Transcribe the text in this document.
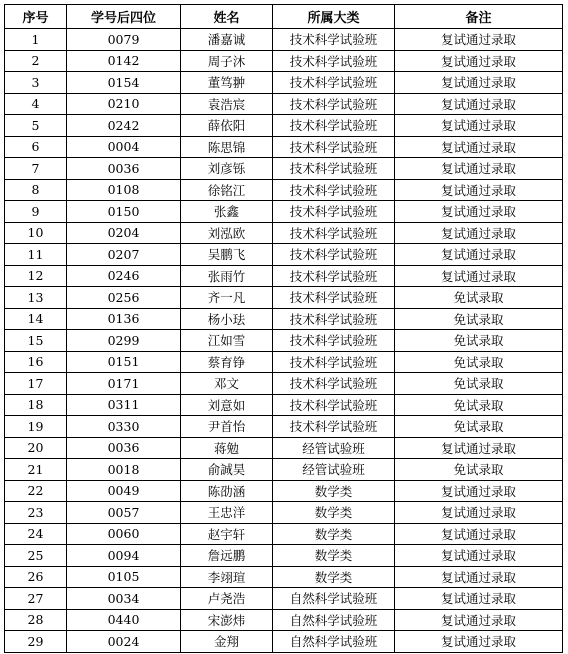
序号	学号后四位	姓名	所属大类	备注
1	0079	潘嘉诚	技术科学试验班	复试通过录取
2	0142	周子沐	技术科学试验班	复试通过录取
3	0154	董笃翀	技术科学试验班	复试通过录取
4	0210	袁浩宸	技术科学试验班	复试通过录取
5	0242	薛依阳	技术科学试验班	复试通过录取
6	0004	陈思锦	技术科学试验班	复试通过录取
7	0036	刘彦铄	技术科学试验班	复试通过录取
8	0108	徐铭江	技术科学试验班	复试通过录取
9	0150	张鑫	技术科学试验班	复试通过录取
10	0204	刘泓欧	技术科学试验班	复试通过录取
11	0207	吴鹏飞	技术科学试验班	复试通过录取
12	0246	张雨竹	技术科学试验班	复试通过录取
13	0256	齐一凡	技术科学试验班	免试录取
14	0136	杨小珐	技术科学试验班	免试录取
15	0299	江如雪	技术科学试验班	免试录取
16	0151	蔡育铮	技术科学试验班	免试录取
17	0171	邓文	技术科学试验班	免试录取
18	0311	刘意如	技术科学试验班	免试录取
19	0330	尹首怡	技术科学试验班	免试录取
20	0036	蒋勉	经管试验班	复试通过录取
21	0018	俞誠昊	经管试验班	免试录取
22	0049	陈劭涵	数学类	复试通过录取
23	0057	王忠洋	数学类	复试通过录取
24	0060	赵宇轩	数学类	复试通过录取
25	0094	詹远鹏	数学类	复试通过录取
26	0105	李翊瑄	数学类	复试通过录取
27	0034	卢尧浩	自然科学试验班	复试通过录取
28	0440	宋澎炜	自然科学试验班	复试通过录取
29	0024	金翔	自然科学试验班	复试通过录取
